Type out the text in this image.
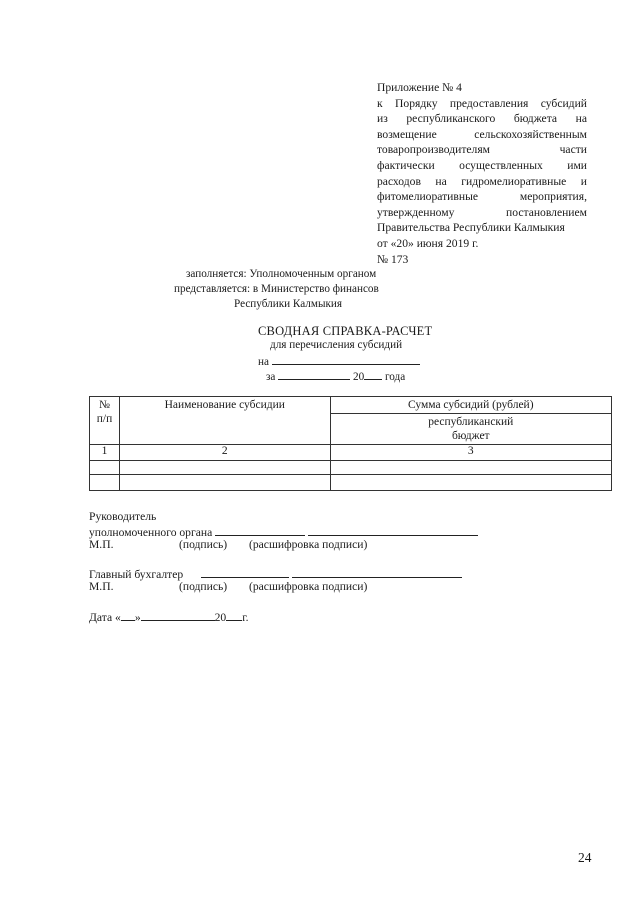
Приложение № 4
к Порядку предоставления субсидий
из республиканского бюджета на
возмещение сельскохозяйственным
товаропроизводителям части
фактически осуществленных ими
расходов на гидромелиоративные и
фитомелиоративные мероприятия,
утвержденному постановлением
Правительства Республики Калмыкия
от «20» июня 2019 г.
№ 173
заполняется: Уполномоченным органом
представляется: в Министерство финансов
Республики Калмыкия
СВОДНАЯ СПРАВКА-РАСЧЕТ
для перечисления субсидий
на
за	20 года
№
п/п	Наименование субсидии	Сумма субсидий (рублей)

		республиканский
бюджет

1	2	3

Руководитель
уполномоченного органа
М.П.	(подпись) (расшифровка подписи)
Главный бухгалтер
М.П.	(подпись) (расшифровка подписи)
Дата « »	20 г.
24
